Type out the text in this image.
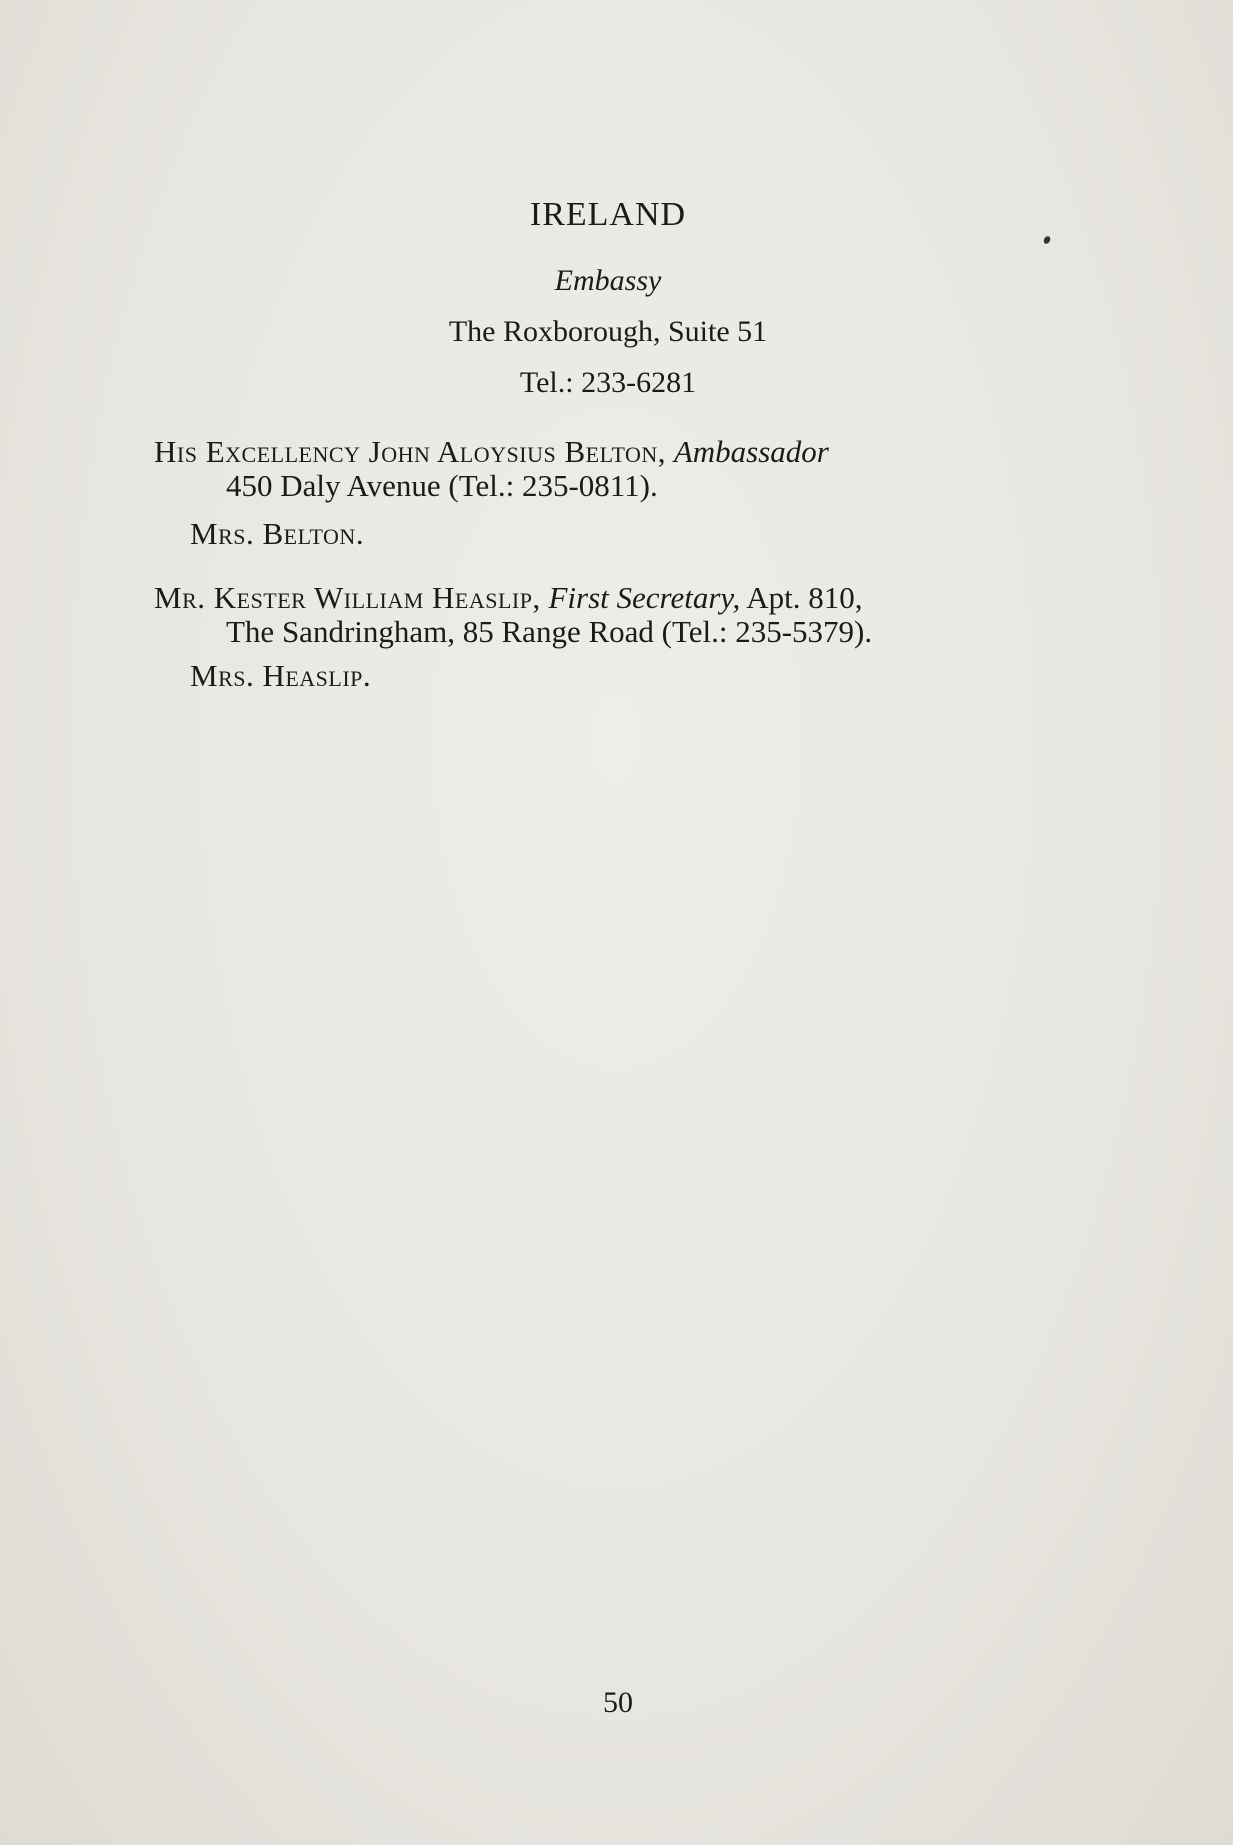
IRELAND
Embassy
The Roxborough, Suite 51
Tel.: 233-6281
His Excellency John Aloysius Belton, Ambassador
450 Daly Avenue (Tel.: 235-0811).
Mrs. Belton.
Mr. Kester William Heaslip, First Secretary, Apt. 810,
The Sandringham, 85 Range Road (Tel.: 235-5379).
Mrs. Heaslip.
50
